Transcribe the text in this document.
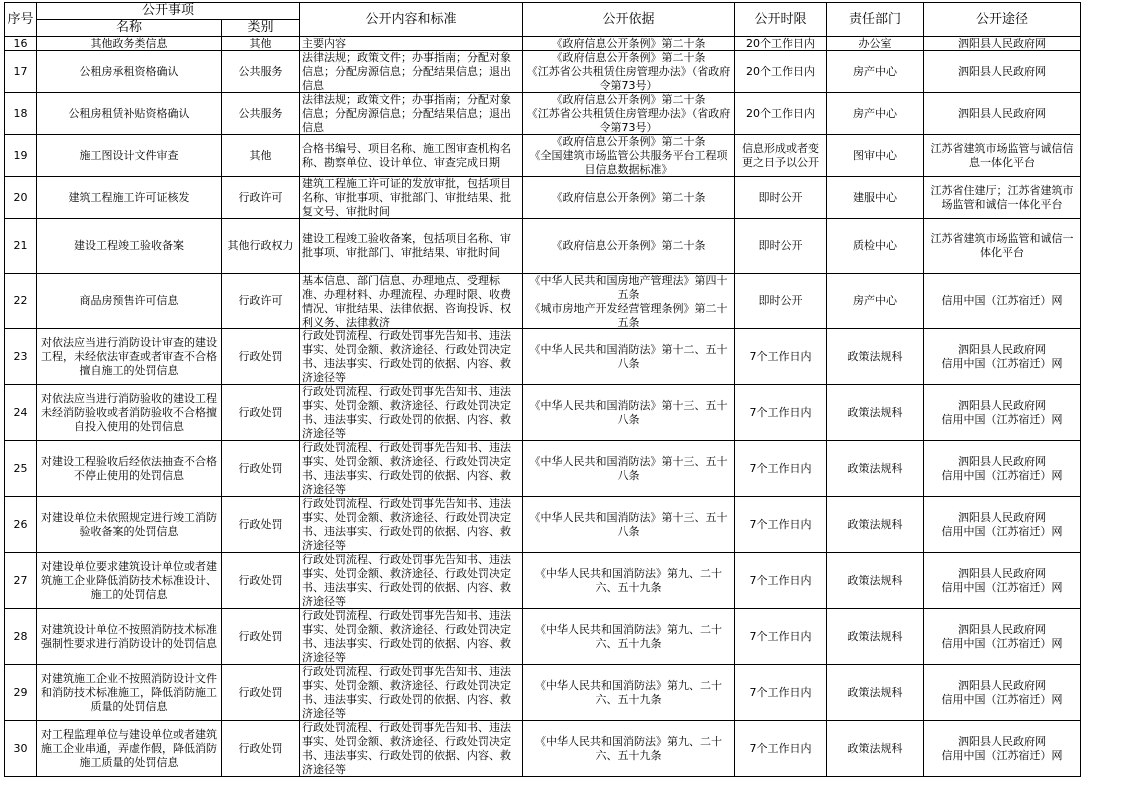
序号	公开事项		公开内容和标准	公开依据	公开时限	责任部门	公开途径
	名称	类别					

16	其他政务类信息	其他	主要内容	《政府信息公开条例》第二十条	20个工作日内	办公室	泗阳县人民政府网

17	公租房承租资格确认	公共服务	法律法规；政策文件；办事指南；分配对象信息；分配房源信息；分配结果信息；退出信息	《政府信息公开条例》第二十条
《江苏省公共租赁住房管理办法》（省政府令第73号）	20个工作日内	房产中心	泗阳县人民政府网

18	公租房租赁补贴资格确认	公共服务	法律法规；政策文件；办事指南；分配对象信息；分配房源信息；分配结果信息；退出信息	《政府信息公开条例》第二十条
《江苏省公共租赁住房管理办法》（省政府令第73号）	20个工作日内	房产中心	泗阳县人民政府网

19	施工图设计文件审查	其他	合格书编号、项目名称、施工图审查机构名称、勘察单位、设计单位、审查完成日期	《政府信息公开条例》第二十条
《全国建筑市场监管公共服务平台工程项目信息数据标准》	信息形成或者变更之日予以公开	图审中心	江苏省建筑市场监管与诚信信息一体化平台

20	建筑工程施工许可证核发	行政许可	建筑工程施工许可证的发放审批，包括项目名称、审批事项、审批部门、审批结果、批复文号、审批时间	《政府信息公开条例》第二十条	即时公开	建服中心	江苏省住建厅；江苏省建筑市场监管和诚信一体化平台

21	建设工程竣工验收备案	其他行政权力	建设工程竣工验收备案，包括项目名称、审批事项、审批部门、审批结果、审批时间	《政府信息公开条例》第二十条	即时公开	质检中心	江苏省建筑市场监管和诚信一体化平台

22	商品房预售许可信息	行政许可	基本信息、部门信息、办理地点、受理标准、办理材料、办理流程、办理时限、收费情况、审批结果、法律依据、咨询投诉、权利义务、法律救济	《中华人民共和国房地产管理法》第四十五条
《城市房地产开发经营管理条例》第二十五条	即时公开	房产中心	信用中国（江苏宿迁）网

23	对依法应当进行消防设计审查的建设工程，未经依法审查或者审查不合格擅自施工的处罚信息	行政处罚	行政处罚流程、行政处罚事先告知书、违法事实、处罚金额、救济途径、行政处罚决定书、违法事实、行政处罚的依据、内容、救济途径等	《中华人民共和国消防法》第十二、五十八条	7个工作日内	政策法规科	泗阳县人民政府网
信用中国（江苏宿迁）网

24	对依法应当进行消防验收的建设工程未经消防验收或者消防验收不合格擅自投入使用的处罚信息	行政处罚	行政处罚流程、行政处罚事先告知书、违法事实、处罚金额、救济途径、行政处罚决定书、违法事实、行政处罚的依据、内容、救济途径等	《中华人民共和国消防法》第十三、五十八条	7个工作日内	政策法规科	泗阳县人民政府网
信用中国（江苏宿迁）网

25	对建设工程验收后经依法抽查不合格不停止使用的处罚信息	行政处罚	行政处罚流程、行政处罚事先告知书、违法事实、处罚金额、救济途径、行政处罚决定书、违法事实、行政处罚的依据、内容、救济途径等	《中华人民共和国消防法》第十三、五十八条	7个工作日内	政策法规科	泗阳县人民政府网
信用中国（江苏宿迁）网

26	对建设单位未依照规定进行竣工消防验收备案的处罚信息	行政处罚	行政处罚流程、行政处罚事先告知书、违法事实、处罚金额、救济途径、行政处罚决定书、违法事实、行政处罚的依据、内容、救济途径等	《中华人民共和国消防法》第十三、五十八条	7个工作日内	政策法规科	泗阳县人民政府网
信用中国（江苏宿迁）网

27	对建设单位要求建筑设计单位或者建筑施工企业降低消防技术标准设计、施工的处罚信息	行政处罚	行政处罚流程、行政处罚事先告知书、违法事实、处罚金额、救济途径、行政处罚决定书、违法事实、行政处罚的依据、内容、救济途径等	《中华人民共和国消防法》第九、二十六、五十九条	7个工作日内	政策法规科	泗阳县人民政府网
信用中国（江苏宿迁）网

28	对建筑设计单位不按照消防技术标准强制性要求进行消防设计的处罚信息	行政处罚	行政处罚流程、行政处罚事先告知书、违法事实、处罚金额、救济途径、行政处罚决定书、违法事实、行政处罚的依据、内容、救济途径等	《中华人民共和国消防法》第九、二十六、五十九条	7个工作日内	政策法规科	泗阳县人民政府网
信用中国（江苏宿迁）网

29	对建筑施工企业不按照消防设计文件和消防技术标准施工，降低消防施工质量的处罚信息	行政处罚	行政处罚流程、行政处罚事先告知书、违法事实、处罚金额、救济途径、行政处罚决定书、违法事实、行政处罚的依据、内容、救济途径等	《中华人民共和国消防法》第九、二十六、五十九条	7个工作日内	政策法规科	泗阳县人民政府网
信用中国（江苏宿迁）网

30	对工程监理单位与建设单位或者建筑施工企业串通，弄虚作假，降低消防施工质量的处罚信息	行政处罚	行政处罚流程、行政处罚事先告知书、违法事实、处罚金额、救济途径、行政处罚决定书、违法事实、行政处罚的依据、内容、救济途径等	《中华人民共和国消防法》第九、二十六、五十九条	7个工作日内	政策法规科	泗阳县人民政府网
信用中国（江苏宿迁）网
